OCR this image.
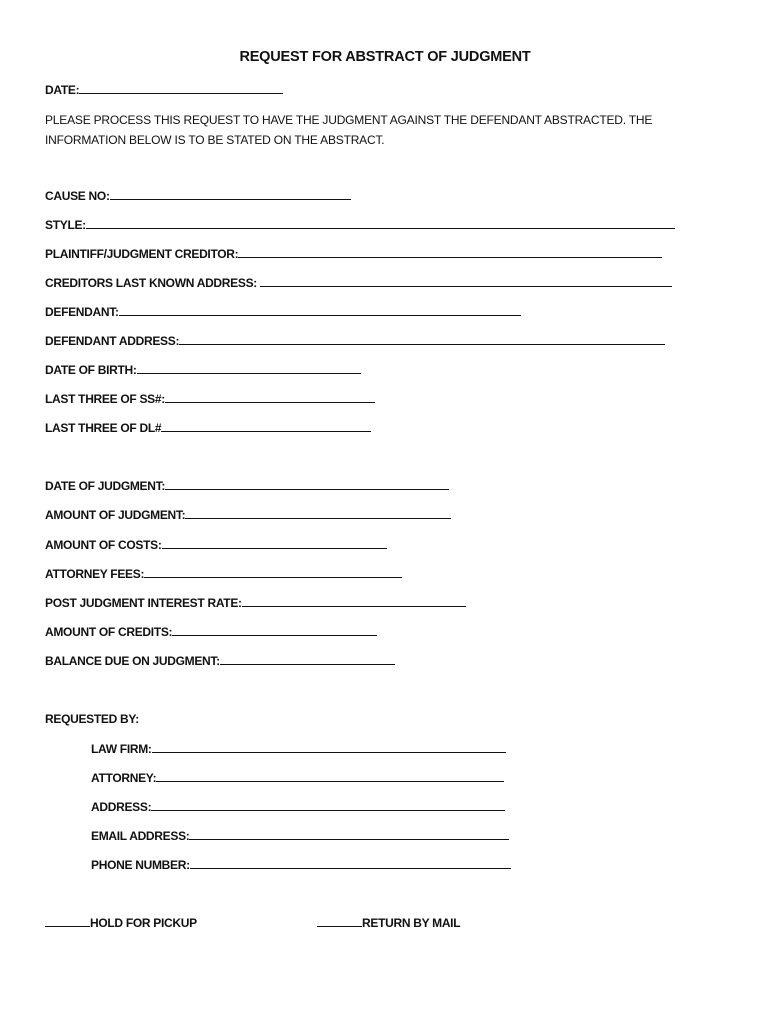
REQUEST FOR ABSTRACT OF JUDGMENT
DATE:
PLEASE PROCESS THIS REQUEST TO HAVE THE JUDGMENT AGAINST THE DEFENDANT ABSTRACTED. THE INFORMATION BELOW IS TO BE STATED ON THE ABSTRACT.
CAUSE NO:
STYLE:
PLAINTIFF/JUDGMENT CREDITOR:
CREDITORS LAST KNOWN ADDRESS:
DEFENDANT:
DEFENDANT ADDRESS:
DATE OF BIRTH:
LAST THREE OF SS#:
LAST THREE OF DL#
DATE OF JUDGMENT:
AMOUNT OF JUDGMENT:
AMOUNT OF COSTS:
ATTORNEY FEES:
POST JUDGMENT INTEREST RATE:
AMOUNT OF CREDITS:
BALANCE DUE ON JUDGMENT:
REQUESTED BY:
LAW FIRM:
ATTORNEY:
ADDRESS:
EMAIL ADDRESS:
PHONE NUMBER:
HOLD FOR PICKUP	RETURN BY MAIL
